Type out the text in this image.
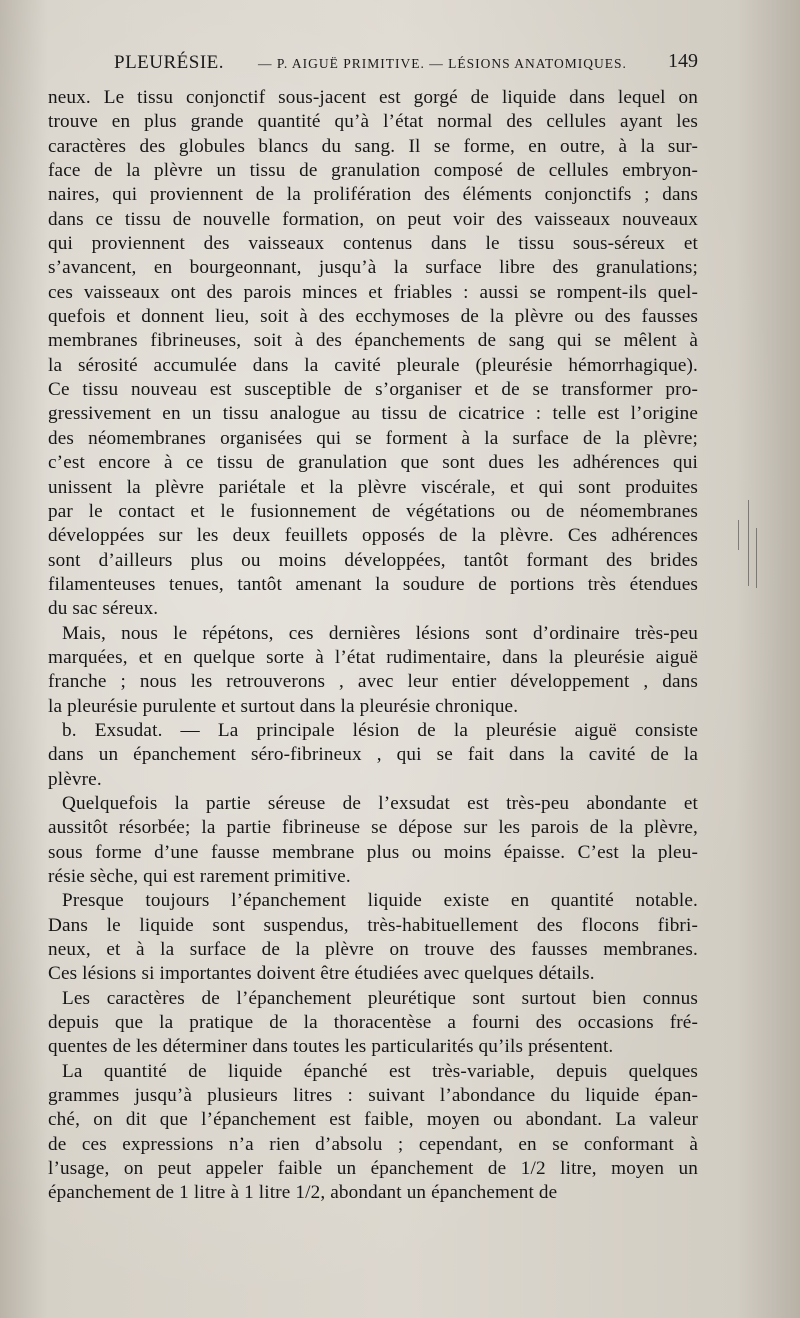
PLEURÉSIE.	— P. AIGUË PRIMITIVE. — LÉSIONS ANATOMIQUES. 149

neux. Le tissu conjonctif sous-jacent est gorgé de liquide dans lequel on

trouve en plus grande quantité qu’à l’état normal des cellules ayant les

caractères des globules blancs du sang. Il se forme, en outre, à la sur-

face de la plèvre un tissu de granulation composé de cellules embryon-

naires, qui proviennent de la prolifération des éléments conjonctifs ; dans

dans ce tissu de nouvelle formation, on peut voir des vaisseaux nouveaux

qui proviennent des vaisseaux contenus dans le tissu sous-séreux et

s’avancent, en bourgeonnant, jusqu’à la surface libre des granulations;

ces vaisseaux ont des parois minces et friables : aussi se rompent-ils quel-

quefois et donnent lieu, soit à des ecchymoses de la plèvre ou des fausses

membranes fibrineuses, soit à des épanchements de sang qui se mêlent à

la sérosité accumulée dans la cavité pleurale (pleurésie hémorrhagique).

Ce tissu nouveau est susceptible de s’organiser et de se transformer pro-

gressivement en un tissu analogue au tissu de cicatrice : telle est l’origine

des néomembranes organisées qui se forment à la surface de la plèvre;

c’est encore à ce tissu de granulation que sont dues les adhérences qui

unissent la plèvre pariétale et la plèvre viscérale, et qui sont produites

par le contact et le fusionnement de végétations ou de néomembranes

développées sur les deux feuillets opposés de la plèvre. Ces adhérences

sont d’ailleurs plus ou moins développées, tantôt formant des brides

filamenteuses tenues, tantôt amenant la soudure de portions très étendues

du sac séreux.

Mais, nous le répétons, ces dernières lésions sont d’ordinaire très-peu

marquées, et en quelque sorte à l’état rudimentaire, dans la pleurésie aiguë

franche ; nous les retrouverons , avec leur entier développement , dans

la pleurésie purulente et surtout dans la pleurésie chronique.

b. Exsudat. — La principale lésion de la pleurésie aiguë consiste

dans un épanchement séro-fibrineux , qui se fait dans la cavité de la

plèvre.

Quelquefois la partie séreuse de l’exsudat est très-peu abondante et

aussitôt résorbée; la partie fibrineuse se dépose sur les parois de la plèvre,

sous forme d’une fausse membrane plus ou moins épaisse. C’est la pleu-

résie sèche, qui est rarement primitive.

Presque toujours l’épanchement liquide existe en quantité notable.

Dans le liquide sont suspendus, très-habituellement des flocons fibri-

neux, et à la surface de la plèvre on trouve des fausses membranes.

Ces lésions si importantes doivent être étudiées avec quelques détails.

Les caractères de l’épanchement pleurétique sont surtout bien connus

depuis que la pratique de la thoracentèse a fourni des occasions fré-

quentes de les déterminer dans toutes les particularités qu’ils présentent.

La quantité de liquide épanché est très-variable, depuis quelques

grammes jusqu’à plusieurs litres : suivant l’abondance du liquide épan-

ché, on dit que l’épanchement est faible, moyen ou abondant. La valeur

de ces expressions n’a rien d’absolu ; cependant, en se conformant à

l’usage, on peut appeler faible un épanchement de 1/2 litre, moyen un

épanchement de 1 litre à 1 litre 1/2, abondant un épanchement de
